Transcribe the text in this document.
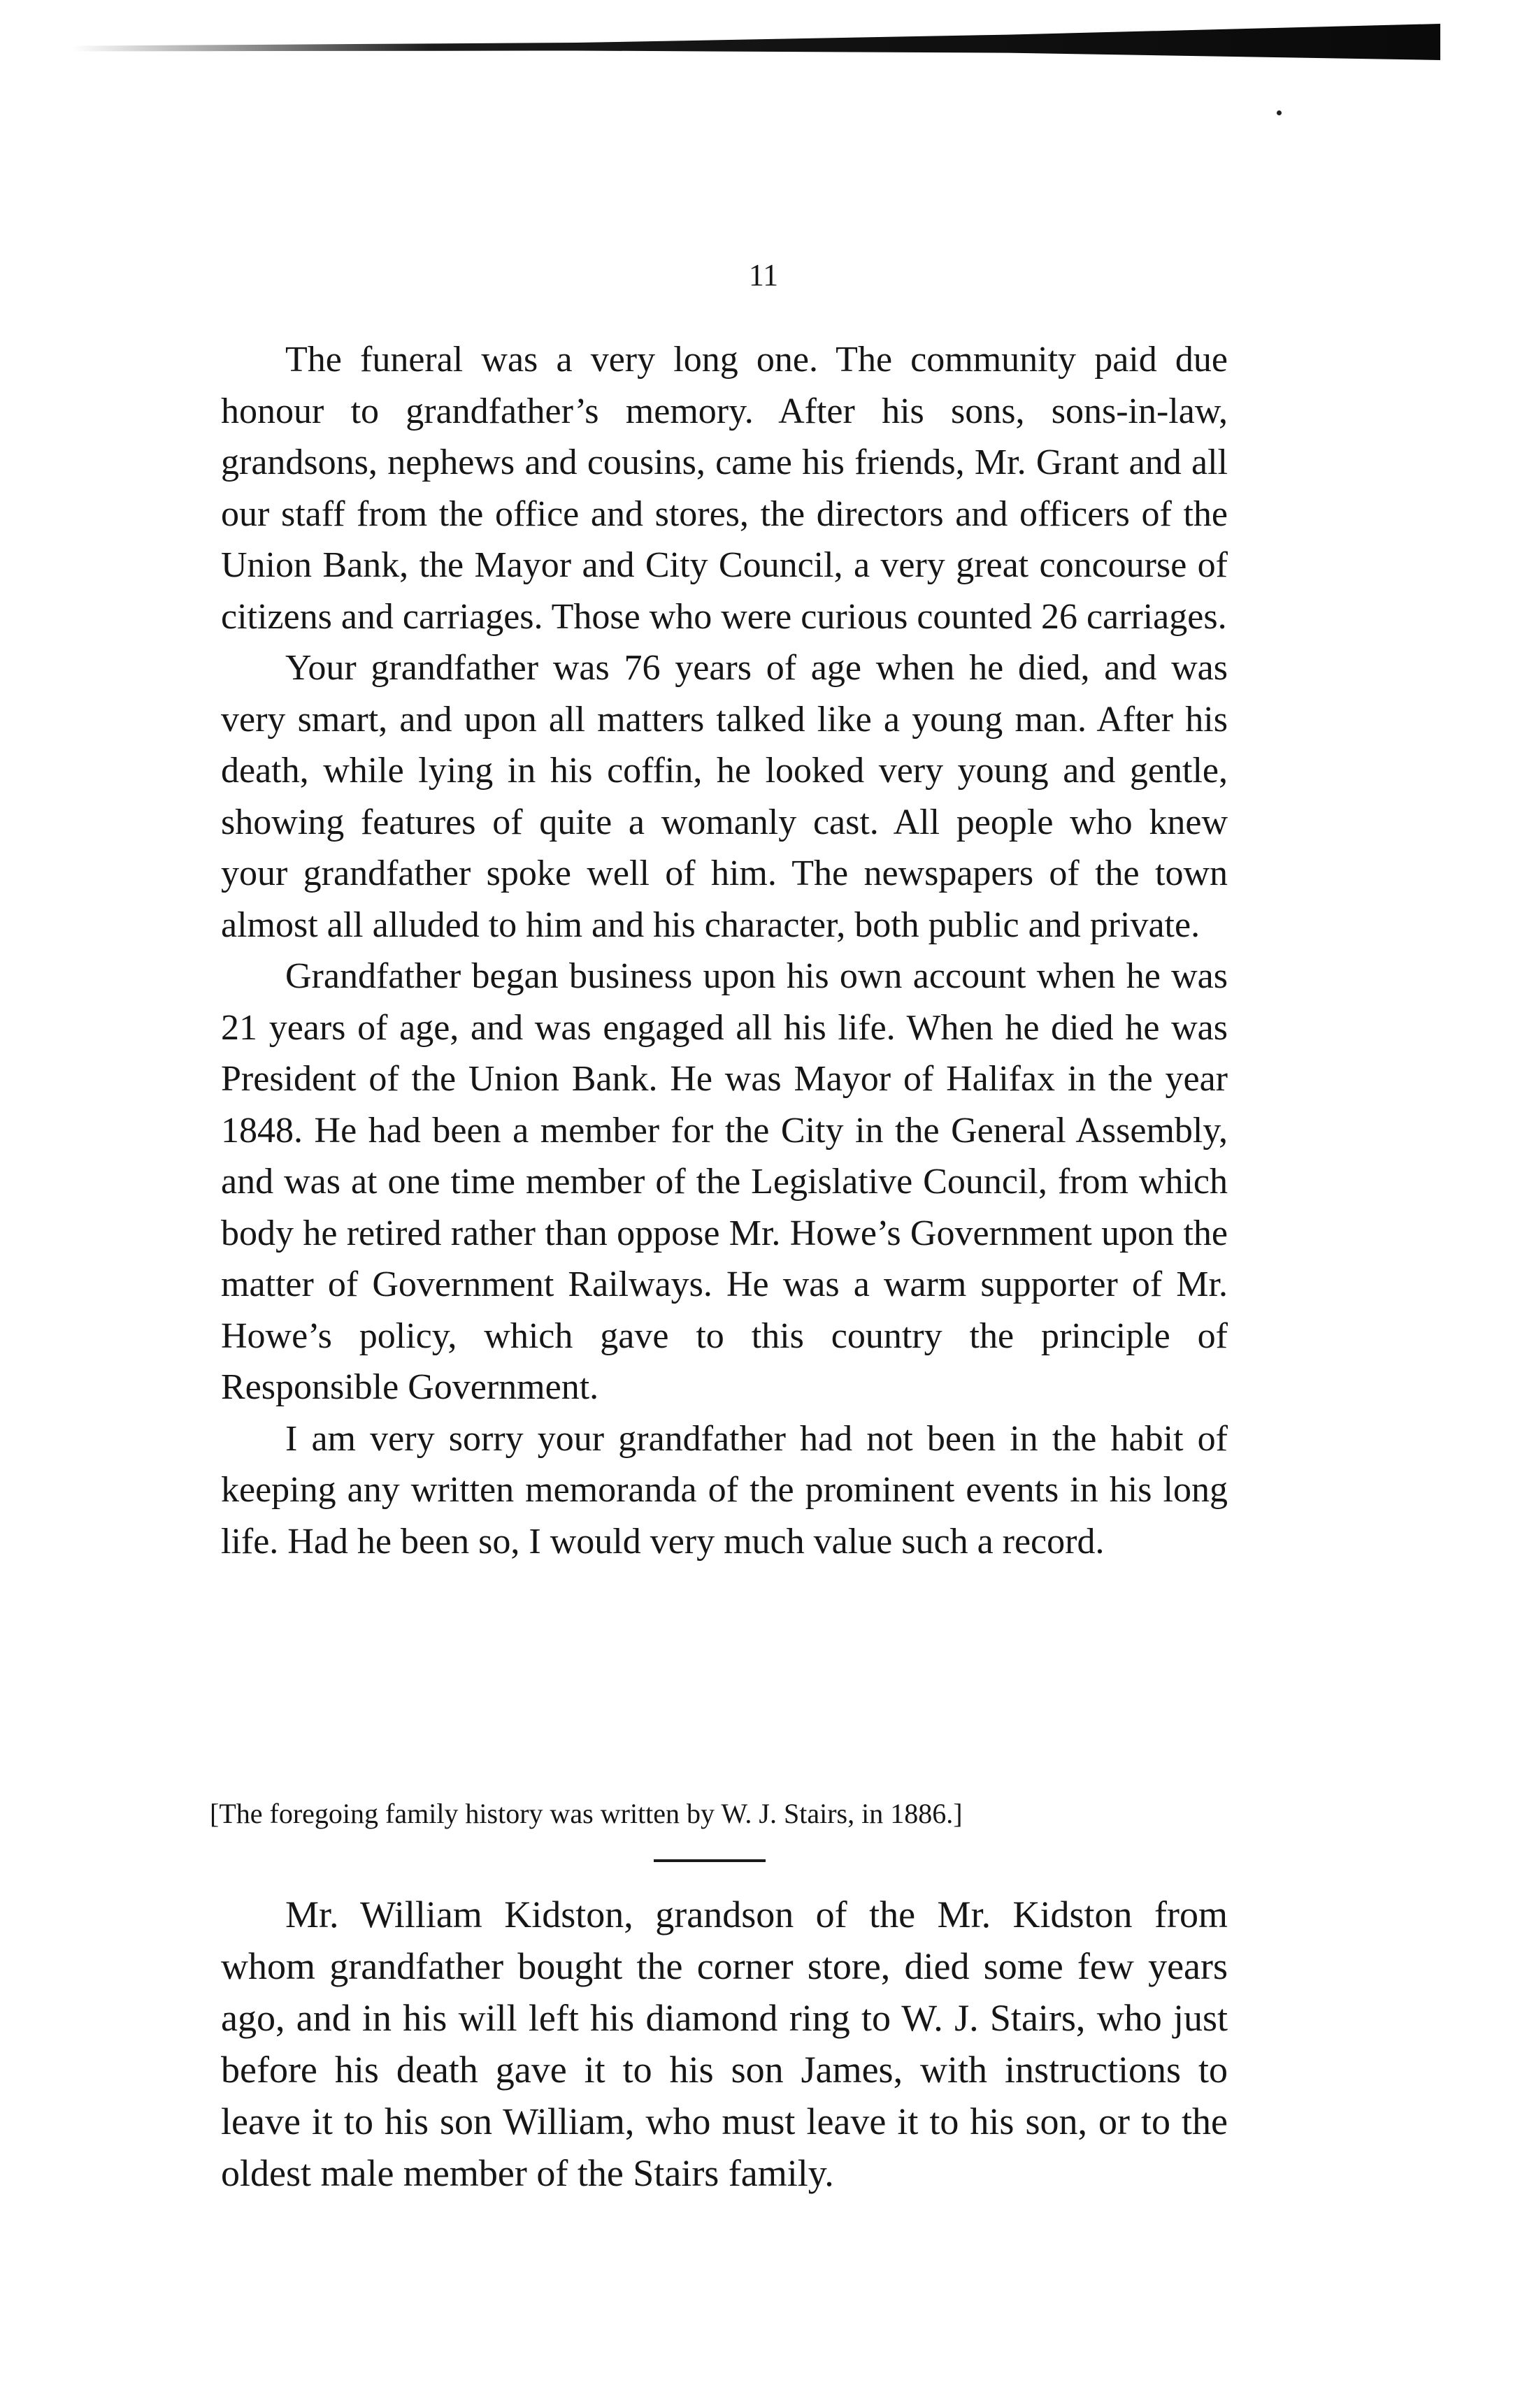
11

The funeral was a very long one. The community paid due honour to grandfather’s memory. After his sons, sons-in-law, grandsons, nephews and cousins, came his friends, Mr. Grant and all our staff from the office and stores, the directors and officers of the Union Bank, the Mayor and City Council, a very great concourse of citizens and carriages. Those who were curious counted 26 carriages.

Your grandfather was 76 years of age when he died, and was very smart, and upon all matters talked like a young man. After his death, while lying in his coffin, he looked very young and gentle, showing features of quite a womanly cast. All people who knew your grandfather spoke well of him. The newspapers of the town almost all alluded to him and his character, both public and private.

Grandfather began business upon his own account when he was 21 years of age, and was engaged all his life. When he died he was President of the Union Bank. He was Mayor of Halifax in the year 1848. He had been a member for the City in the General Assembly, and was at one time member of the Legislative Council, from which body he retired rather than oppose Mr. Howe’s Government upon the matter of Government Railways. He was a warm supporter of Mr. Howe’s policy, which gave to this country the principle of Responsible Government.

I am very sorry your grandfather had not been in the habit of keeping any written memoranda of the prominent events in his long life. Had he been so, I would very much value such a record.

[The foregoing family history was written by W. J. Stairs, in 1886.]

Mr. William Kidston, grandson of the Mr. Kidston from whom grandfather bought the corner store, died some few years ago, and in his will left his diamond ring to W. J. Stairs, who just before his death gave it to his son James, with instructions to leave it to his son William, who must leave it to his son, or to the oldest male member of the Stairs family.
